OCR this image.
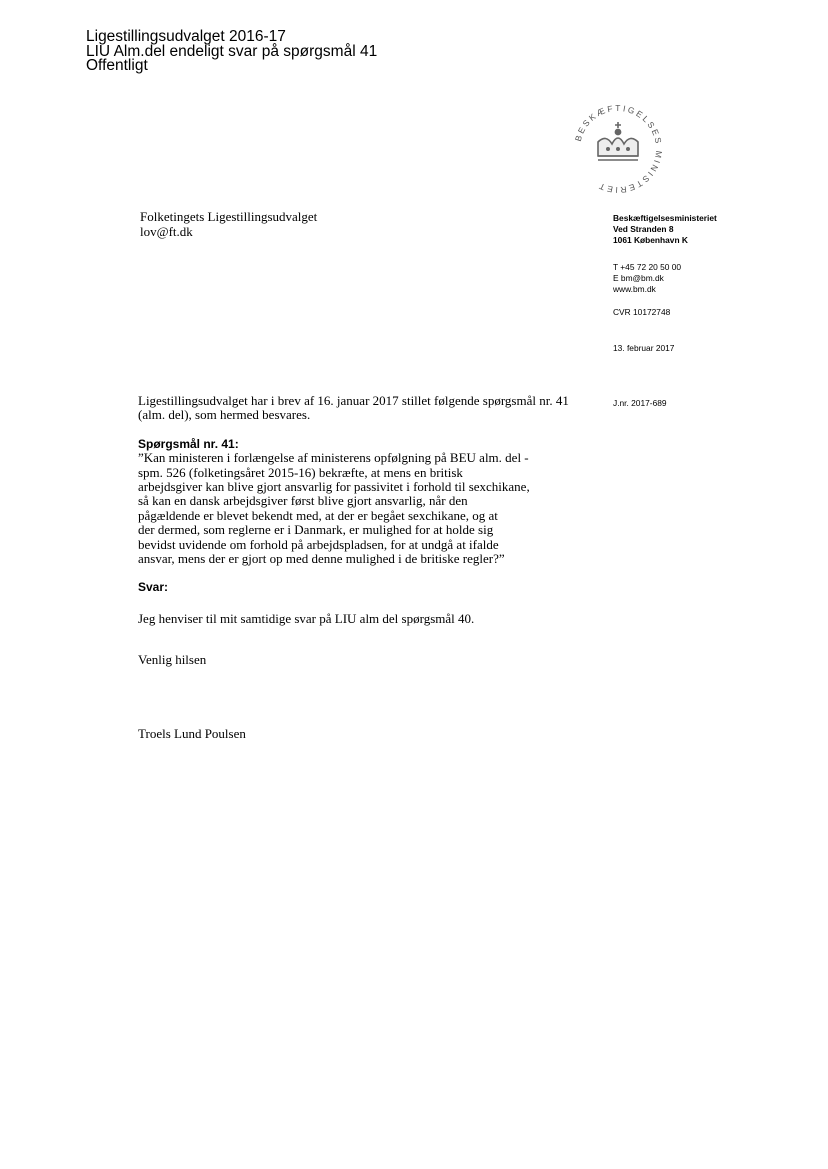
Ligestillingsudvalget 2016-17
LIU Alm.del endeligt svar på spørgsmål 41
Offentligt
BESKÆFTIGELSES MINISTERIET
Folketingets Ligestillingsudvalget
lov@ft.dk
Beskæftigelsesministeriet
Ved Stranden 8
1061 København K
T +45 72 20 50 00
E bm@bm.dk
www.bm.dk
CVR 10172748
13. februar 2017
J.nr. 2017-689

Ligestillingsudvalget har i brev af 16. januar 2017 stillet følgende spørgsmål nr. 41
(alm. del), som hermed besvares.

Spørgsmål nr. 41:

”Kan ministeren i forlængelse af ministerens opfølgning på BEU alm. del -
spm. 526 (folketingsåret 2015-16) bekræfte, at mens en britisk
arbejdsgiver kan blive gjort ansvarlig for passivitet i forhold til sexchikane,
så kan en dansk arbejdsgiver først blive gjort ansvarlig, når den
pågældende er blevet bekendt med, at der er begået sexchikane, og at
der dermed, som reglerne er i Danmark, er mulighed for at holde sig
bevidst uvidende om forhold på arbejdspladsen, for at undgå at ifalde
ansvar, mens der er gjort op med denne mulighed i de britiske regler?”

Svar:

Jeg henviser til mit samtidige svar på LIU alm del spørgsmål 40.

Venlig hilsen

Troels Lund Poulsen
